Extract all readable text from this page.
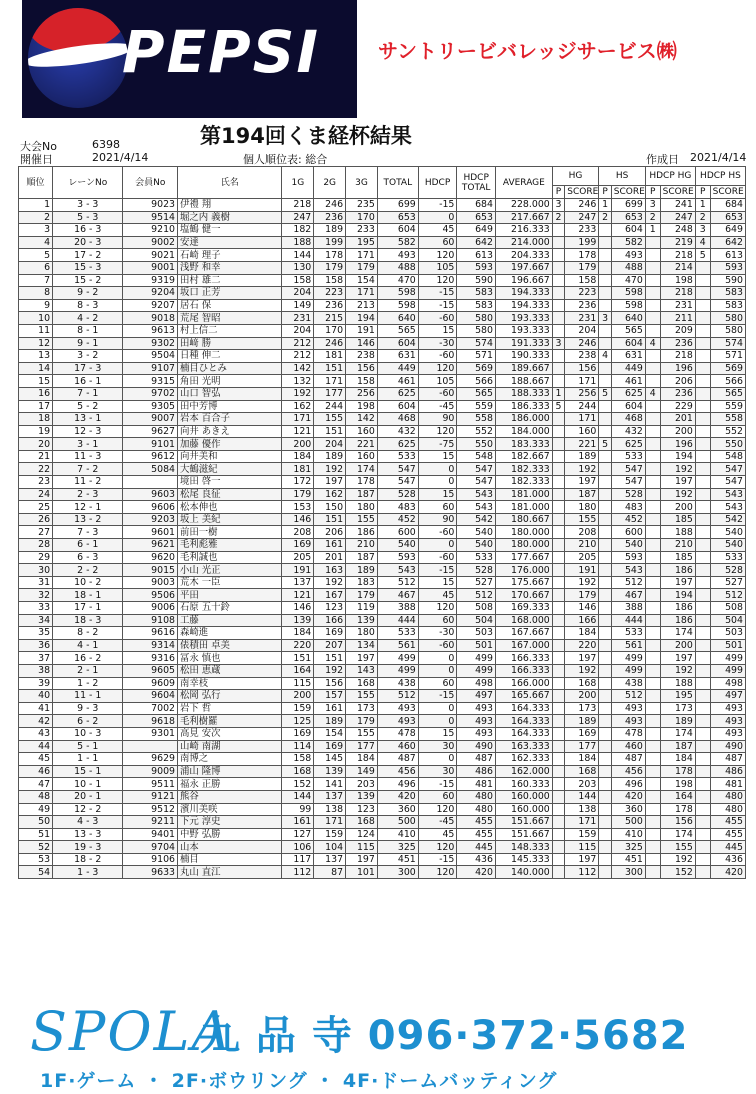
PEPSI	サントリービバレッジサービス㈱
大会No	6398
開催日	2021/4/14
第194回くま経杯結果
個人順位表: 総合	作成日 2021/4/14
順位	レーンNo	会員No	氏名	1G	2G	3G	TOTAL	HDCP	HDCP
TOTAL	AVERAGE	HG		HS		HDCP HG		HDCP HS	
											P	SCORE	P	SCORE	P	SCORE	P	SCORE
1	3 - 3	9023	伊禮 翔	218	246	235	699	-15	684	228.000	3	246	1	699	3	241	1	684
2	5 - 3	9514	堀之内 義樹	247	236	170	653	0	653	217.667	2	247	2	653	2	247	2	653
3	16 - 3	9210	塩鶴 健一	182	189	233	604	45	649	216.333		233		604	1	248	3	649
4	20 - 3	9002	安達	188	199	195	582	60	642	214.000		199		582		219	4	642
5	17 - 2	9021	石崎 理子	144	178	171	493	120	613	204.333		178		493		218	5	613
6	15 - 3	9001	浅野 和幸	130	179	179	488	105	593	197.667		179		488		214		593
7	15 - 2	9319	田村 雄二	158	158	154	470	120	590	196.667		158		470		198		590
8	9 - 2	9204	坂口 正芳	204	223	171	598	-15	583	194.333		223		598		218		583
9	8 - 3	9207	居石 保	149	236	213	598	-15	583	194.333		236		598		231		583
10	4 - 2	9018	荒尾 智昭	231	215	194	640	-60	580	193.333		231	3	640		211		580
11	8 - 1	9613	村上信二	204	170	191	565	15	580	193.333		204		565		209		580
12	9 - 1	9302	田﨑 勝	212	246	146	604	-30	574	191.333	3	246		604	4	236		574
13	3 - 2	9504	日種 伸二	212	181	238	631	-60	571	190.333		238	4	631		218		571
14	17 - 3	9107	楠目ひとみ	142	151	156	449	120	569	189.667		156		449		196		569
15	16 - 1	9315	角田 光明	132	171	158	461	105	566	188.667		171		461		206		566
16	7 - 1	9702	山口 智弘	192	177	256	625	-60	565	188.333	1	256	5	625	4	236		565
17	5 - 2	9305	田中芳博	162	244	198	604	-45	559	186.333	5	244		604		229		559
18	13 - 1	9007	岩本 百合子	171	155	142	468	90	558	186.000		171		468		201		558
19	12 - 3	9627	向井 あきえ	121	151	160	432	120	552	184.000		160		432		200		552
20	3 - 1	9101	加藤 優作	200	204	221	625	-75	550	183.333		221	5	625		196		550
21	11 - 3	9612	向井美和	184	189	160	533	15	548	182.667		189		533		194		548
22	7 - 2	5084	大鶴滋紀	181	192	174	547	0	547	182.333		192		547		192		547
23	11 - 2		境田 啓一	172	197	178	547	0	547	182.333		197		547		197		547
24	2 - 3	9603	松尾 良征	179	162	187	528	15	543	181.000		187		528		192		543
25	12 - 1	9606	松本伸也	153	150	180	483	60	543	181.000		180		483		200		543
26	13 - 2	9203	坂上 美紀	146	151	155	452	90	542	180.667		155		452		185		542
27	7 - 3	9601	前田一樹	208	206	186	600	-60	540	180.000		208		600		188		540
28	6 - 1	9621	毛利彪雅	169	161	210	540	0	540	180.000		210		540		210		540
29	6 - 3	9620	毛利誠也	205	201	187	593	-60	533	177.667		205		593		185		533
30	2 - 2	9015	小山 光正	191	163	189	543	-15	528	176.000		191		543		186		528
31	10 - 2	9003	荒木 一臣	137	192	183	512	15	527	175.667		192		512		197		527
32	18 - 1	9506	平田	121	167	179	467	45	512	170.667		179		467		194		512
33	17 - 1	9006	石原 五十鈴	146	123	119	388	120	508	169.333		146		388		186		508
34	18 - 3	9108	工藤	139	166	139	444	60	504	168.000		166		444		186		504
35	8 - 2	9616	森崎進	184	169	180	533	-30	503	167.667		184		533		174		503
36	4 - 1	9314	俵積田 卓美	220	207	134	561	-60	501	167.000		220		561		200		501
37	16 - 2	9316	冨永 慎也	151	151	197	499	0	499	166.333		197		499		197		499
38	2 - 1	9605	松田 恵蔵	164	192	143	499	0	499	166.333		192		499		192		499
39	1 - 2	9609	南幸枝	115	156	168	438	60	498	166.000		168		438		188		498
40	11 - 1	9604	松岡 弘行	200	157	155	512	-15	497	165.667		200		512		195		497
41	9 - 3	7002	岩下 哲	159	161	173	493	0	493	164.333		173		493		173		493
42	6 - 2	9618	毛利樹羅	125	189	179	493	0	493	164.333		189		493		189		493
43	10 - 3	9301	高見 安次	169	154	155	478	15	493	164.333		169		478		174		493
44	5 - 1		山崎 南湖	114	169	177	460	30	490	163.333		177		460		187		490
45	1 - 1	9629	南博之	158	145	184	487	0	487	162.333		184		487		184		487
46	15 - 1	9009	浦山 隆博	168	139	149	456	30	486	162.000		168		456		178		486
47	10 - 1	9511	福永 正勝	152	141	203	496	-15	481	160.333		203		496		198		481
48	20 - 1	9121	熊谷	144	137	139	420	60	480	160.000		144		420		164		480
49	12 - 2	9512	濱川美咲	99	138	123	360	120	480	160.000		138		360		178		480
50	4 - 3	9211	下元 淳史	161	171	168	500	-45	455	151.667		171		500		156		455
51	13 - 3	9401	中野 弘勝	127	159	124	410	45	455	151.667		159		410		174		455
52	19 - 3	9704	山本	106	104	115	325	120	445	148.333		115		325		155		445
53	18 - 2	9106	楠目	117	137	197	451	-15	436	145.333		197		451		192		436
54	1 - 3	9633	丸山 直江	112	87	101	300	120	420	140.000		112		300		152		420
SPOLA
九 品 寺 096·372·5682
1F·ゲーム ・ 2F·ボウリング ・ 4F·ドームバッティング
